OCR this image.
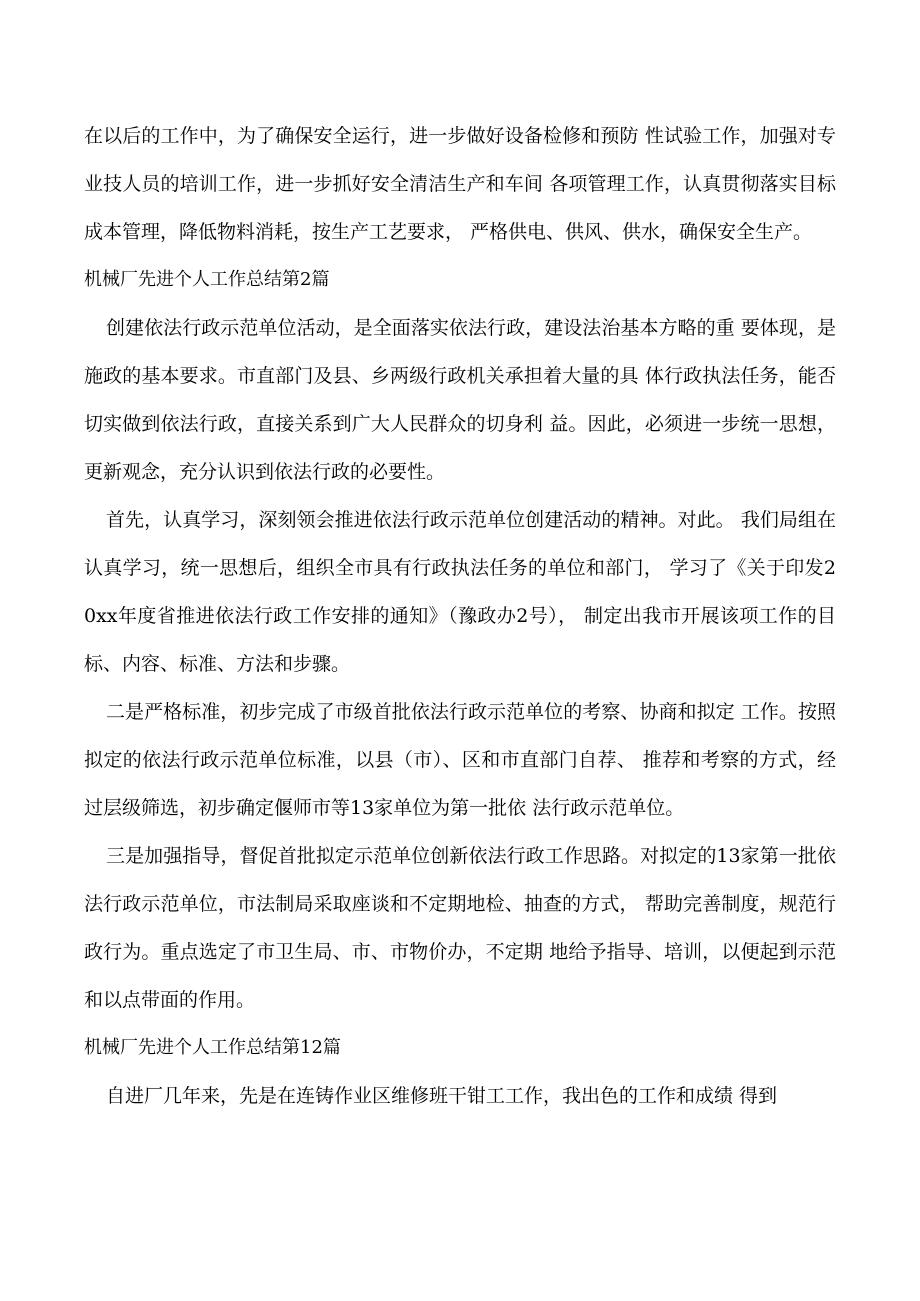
在以后的工作中，为了确保安全运行，进一步做好设备检修和预防 性试验工作，加强对专业技人员的培训工作，进一步抓好安全清洁生产和车间 各项管理工作，认真贯彻落实目标成本管理，降低物料消耗，按生产工艺要求， 严格供电、供风、供水，确保安全生产。

机械厂先进个人工作总结第2篇

创建依法行政示范单位活动，是全面落实依法行政，建设法治基本方略的重 要体现，是施政的基本要求。市直部门及县、乡两级行政机关承担着大量的具 体行政执法任务，能否切实做到依法行政，直接关系到广大人民群众的切身利 益。因此，必须进一步统一思想，更新观念，充分认识到依法行政的必要性。

首先，认真学习，深刻领会推进依法行政示范单位创建活动的精神。对此。 我们局组在认真学习，统一思想后，组织全市具有行政执法任务的单位和部门， 学习了《关于印发20xx年度省推进依法行政工作安排的通知》（豫政办2号）， 制定出我市开展该项工作的目标、内容、标准、方法和步骤。

二是严格标准，初步完成了市级首批依法行政示范单位的考察、协商和拟定 工作。按照拟定的依法行政示范单位标准，以县（市）、区和市直部门自荐、 推荐和考察的方式，经过层级筛选，初步确定偃师市等13家单位为第一批依 法行政示范单位。

三是加强指导，督促首批拟定示范单位创新依法行政工作思路。对拟定的13家第一批依法行政示范单位，市法制局采取座谈和不定期地检、抽查的方式， 帮助完善制度，规范行政行为。重点选定了市卫生局、市、市物价办，不定期 地给予指导、培训，以便起到示范和以点带面的作用。

机械厂先进个人工作总结第12篇

自进厂几年来，先是在连铸作业区维修班干钳工工作，我出色的工作和成绩 得到
